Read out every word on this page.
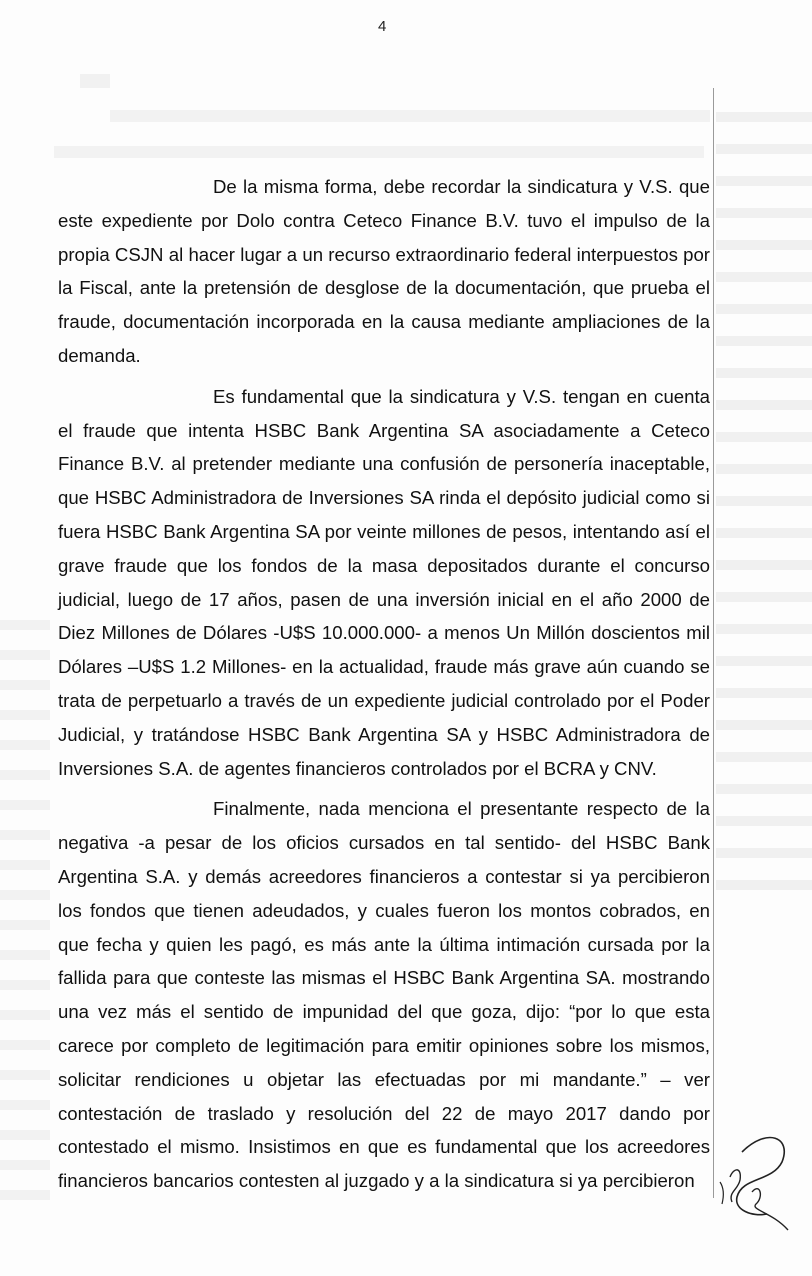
4

De la misma forma, debe recordar la sindicatura y V.S. que este expediente por Dolo contra Ceteco Finance B.V. tuvo el impulso de la propia CSJN al hacer lugar a un recurso extraordinario federal interpuestos por la Fiscal, ante la pretensión de desglose de la documentación, que prueba el fraude, documentación incorporada en la causa mediante ampliaciones de la demanda.

Es fundamental que la sindicatura y V.S. tengan en cuenta el fraude que intenta HSBC Bank Argentina SA asociadamente a Ceteco Finance B.V. al pretender mediante una confusión de personería inaceptable, que HSBC Administradora de Inversiones SA rinda el depósito judicial como si fuera HSBC Bank Argentina SA por veinte millones de pesos, intentando así el grave fraude que los fondos de la masa depositados durante el concurso judicial, luego de 17 años, pasen de una inversión inicial en el año 2000 de Diez Millones de Dólares -U$S 10.000.000- a menos Un Millón doscientos mil Dólares –U$S 1.2 Millones- en la actualidad, fraude más grave aún cuando se trata de perpetuarlo a través de un expediente judicial controlado por el Poder Judicial, y tratándose HSBC Bank Argentina SA y HSBC Administradora de Inversiones S.A. de agentes financieros controlados por el BCRA y CNV.

Finalmente, nada menciona el presentante respecto de la negativa -a pesar de los oficios cursados en tal sentido- del HSBC Bank Argentina S.A. y demás acreedores financieros a contestar si ya percibieron los fondos que tienen adeudados, y cuales fueron los montos cobrados, en que fecha y quien les pagó, es más ante la última intimación cursada por la fallida para que conteste las mismas el HSBC Bank Argentina SA. mostrando una vez más el sentido de impunidad del que goza, dijo: “por lo que esta carece por completo de legitimación para emitir opiniones sobre los mismos, solicitar rendiciones u objetar las efectuadas por mi mandante.” – ver contestación de traslado y resolución del 22 de mayo 2017 dando por contestado el mismo. Insistimos en que es fundamental que los acreedores financieros bancarios contesten al juzgado y a la sindicatura si ya percibieron
